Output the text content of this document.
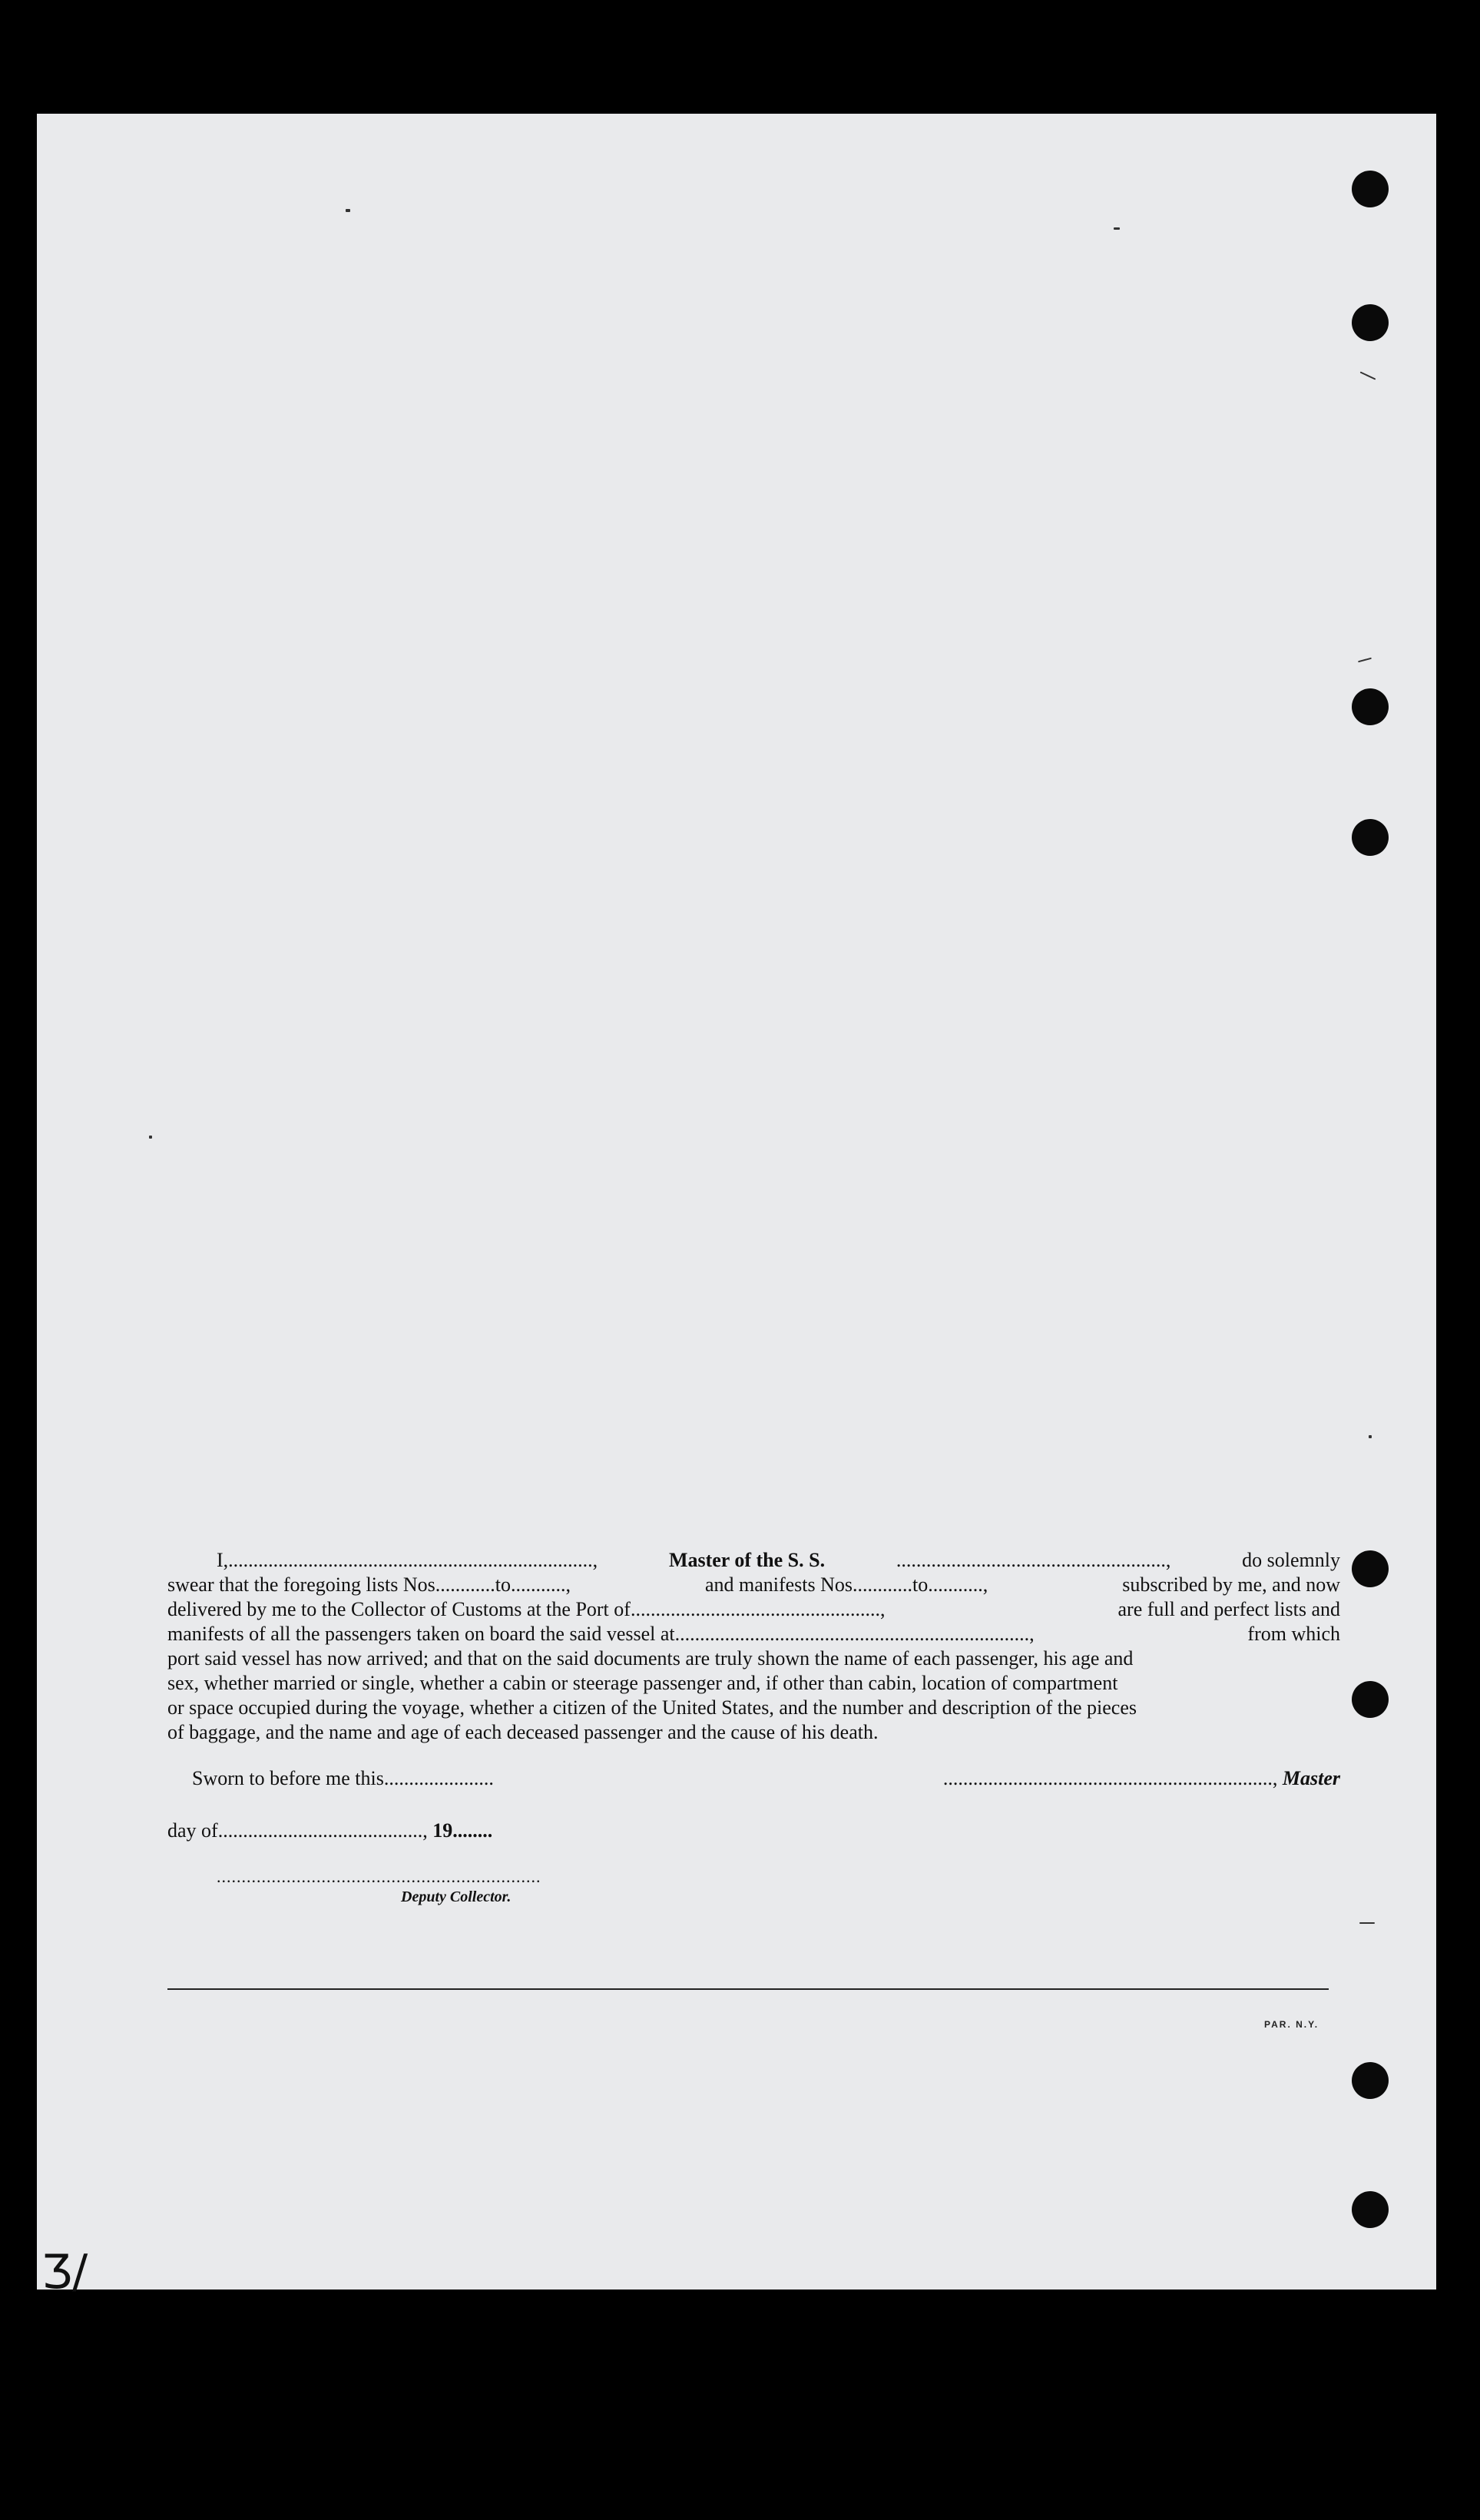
I,.........................................................................,	Master of the S. S.	......................................................,	do solemnly
swear that the foregoing lists Nos............to...........,	and manifests Nos............to...........,	subscribed by me, and now
delivered by me to the Collector of Customs at the Port of..................................................,	are full and perfect lists and
manifests of all the passengers taken on board the said vessel at.......................................................................,	from which
port said vessel has now arrived; and that on the said documents are truly shown the name of each passenger, his age and
sex, whether married or single, whether a cabin or steerage passenger and, if other than cabin, location of compartment
or space occupied during the voyage, whether a citizen of the United States, and the number and description of the pieces
of baggage, and the name and age of each deceased passenger and the cause of his death.
Sworn to before me this......................	.................................................................., Master
day of........................................., 19........
.................................................................
Deputy Collector.
PAR. N.Y.
Ʒ/
